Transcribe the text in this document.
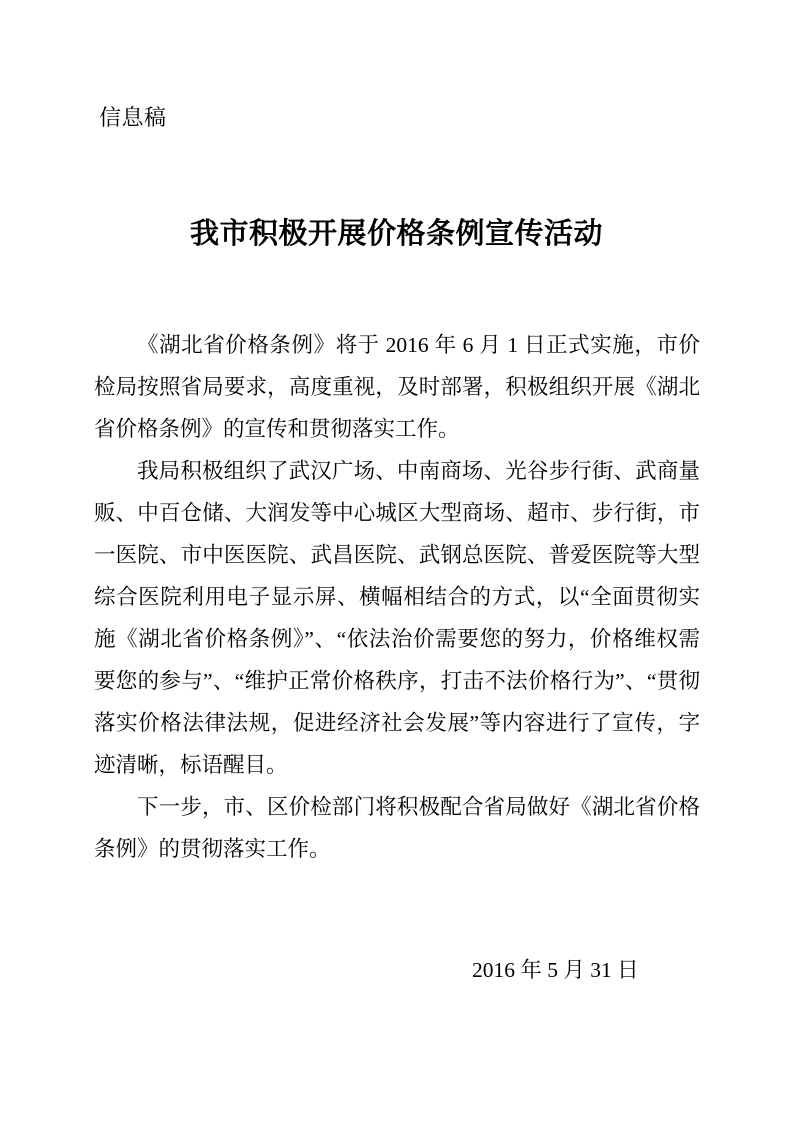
信息稿
我市积极开展价格条例宣传活动

《湖北省价格条例》将于 2016 年 6 月 1 日正式实施，市价检局按照省局要求，高度重视，及时部署，积极组织开展《湖北省价格条例》的宣传和贯彻落实工作。

我局积极组织了武汉广场、中南商场、光谷步行街、武商量贩、中百仓储、大润发等中心城区大型商场、超市、步行街，市一医院、市中医医院、武昌医院、武钢总医院、普爱医院等大型综合医院利用电子显示屏、横幅相结合的方式，以“全面贯彻实施《湖北省价格条例》”、“依法治价需要您的努力，价格维权需要您的参与”、“维护正常价格秩序，打击不法价格行为”、“贯彻落实价格法律法规，促进经济社会发展”等内容进行了宣传，字迹清晰，标语醒目。

下一步，市、区价检部门将积极配合省局做好《湖北省价格条例》的贯彻落实工作。

2016 年 5 月 31 日
